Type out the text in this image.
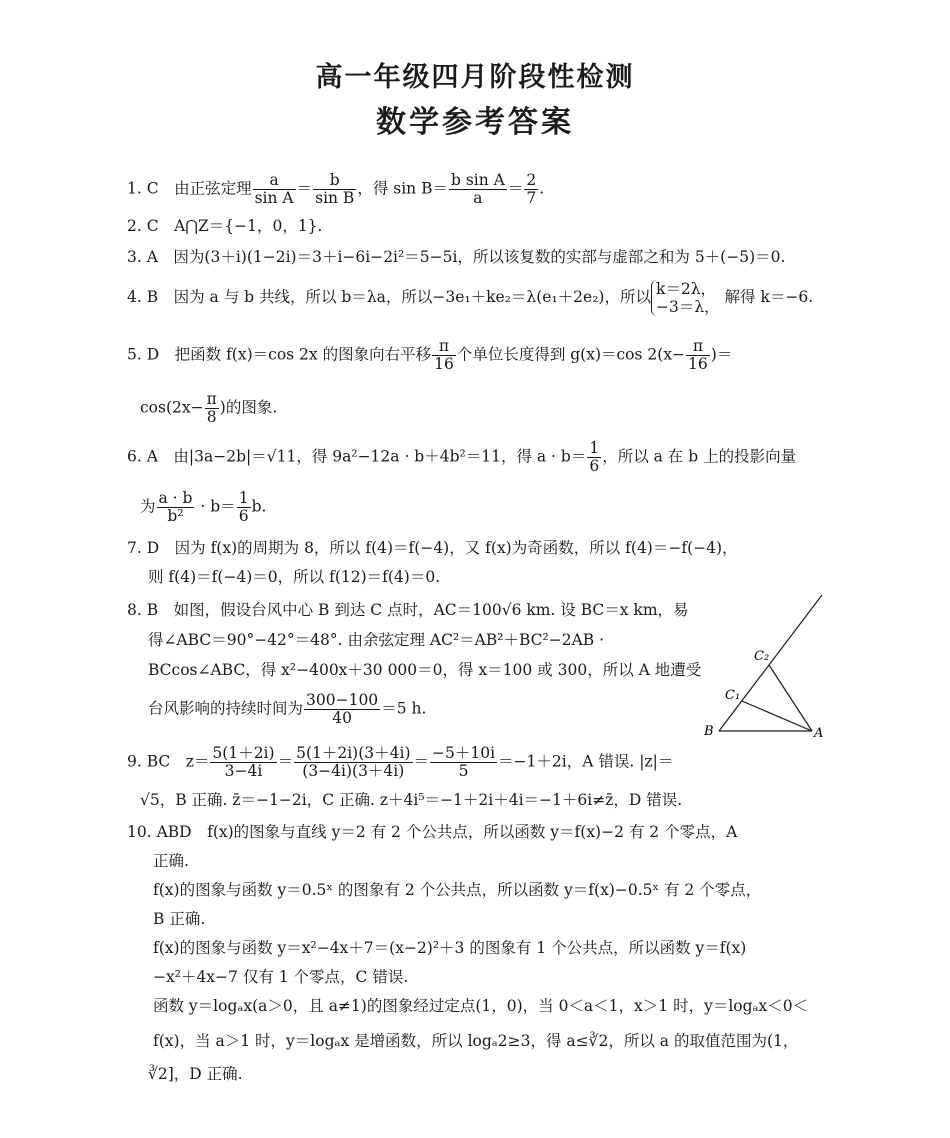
高一年级四月阶段性检测
数学参考答案
1. C　由正弦定理 $\frac{a}{\text{sin A}} = \frac{b}{\text{sin B}}$ ，得 $\sin B= \frac{\text{b sin A}}{a} = \frac{2}{7}$ .
2. C　A⋂Z＝{−1，0，1}.
3. A　因为(3＋i)(1−2i)＝3＋i−6i−2i²＝5−5i，所以该复数的实部与虚部之和为 5＋(−5)＝0.
4. B　因为 a 与 b 共线，所以 b＝λa，所以−3e₁＋ke₂＝λ(e₁＋2e₂)，所以 k＝2λ，
−3＝λ，
解得 k＝−6.
5. D　把函数 f(x)＝cos 2x 的图象向右平移 $\frac{\pi}{16}$ 个单位长度得到 g(x)＝cos $2(x- \frac{\pi}{16}$ )＝
$\cos(2x- \frac{\pi}{8}$ )的图象.
6. A　由|3a−2b|＝√11，得 9a²−12a · b＋4b²＝11，得 $a \cdot b= \frac{1}{6}$ ，所以 a 在 b 上的投影向量
为 $\frac{a \cdot b}{\text{b²}} \cdot b= \frac{1}{6} b$.
7. D　因为 f(x)的周期为 8，所以 f(4)＝f(−4)，又 f(x)为奇函数，所以 f(4)＝−f(−4)，
则 f(4)＝f(−4)＝0，所以 f(12)＝f(4)＝0.
8. B　如图，假设台风中心 B 到达 C 点时，AC＝100√6 km. 设 BC＝x km，易
得∠ABC＝90°−42°＝48°. 由余弦定理 AC²＝AB²＋BC²−2AB ·
BCcos∠ABC，得 x²−400x＋30 000＝0，得 x＝100 或 300，所以 A 地遭受
台风影响的持续时间为 $\frac{300-100}{40} =5$ h.
C₂
C₁
B	A
9. BC　$z= \frac{5(1+2i)}{3-4i} = \frac{5(1+2i)(3+4i)}{(3-4i)(3+4i)} = \frac{-5+10i}{5} =-1+2i$，A 错误. |z|＝
√5，B 正确. z̄＝−1−2i，C 正确. z＋4i⁵＝−1＋2i＋4i＝−1＋6i≠z̄，D 错误.
10. ABD　f(x)的图象与直线 y＝2 有 2 个公共点，所以函数 y＝f(x)−2 有 2 个零点，A
正确.
f(x)的图象与函数 y＝0.5ˣ 的图象有 2 个公共点，所以函数 y＝f(x)−0.5ˣ 有 2 个零点，
B 正确.
f(x)的图象与函数 y＝x²−4x＋7＝(x−2)²＋3 的图象有 1 个公共点，所以函数 y＝f(x)
−x²＋4x−7 仅有 1 个零点，C 错误.
函数 y＝logₐx(a＞0，且 a≠1)的图象经过定点(1，0)，当 0＜a＜1，x＞1 时，y＝logₐx＜0＜
f(x)，当 a＞1 时，y＝logₐx 是增函数，所以 logₐ2≥3，得 a≤∛2，所以 a 的取值范围为(1，
∛2]，D 正确.
